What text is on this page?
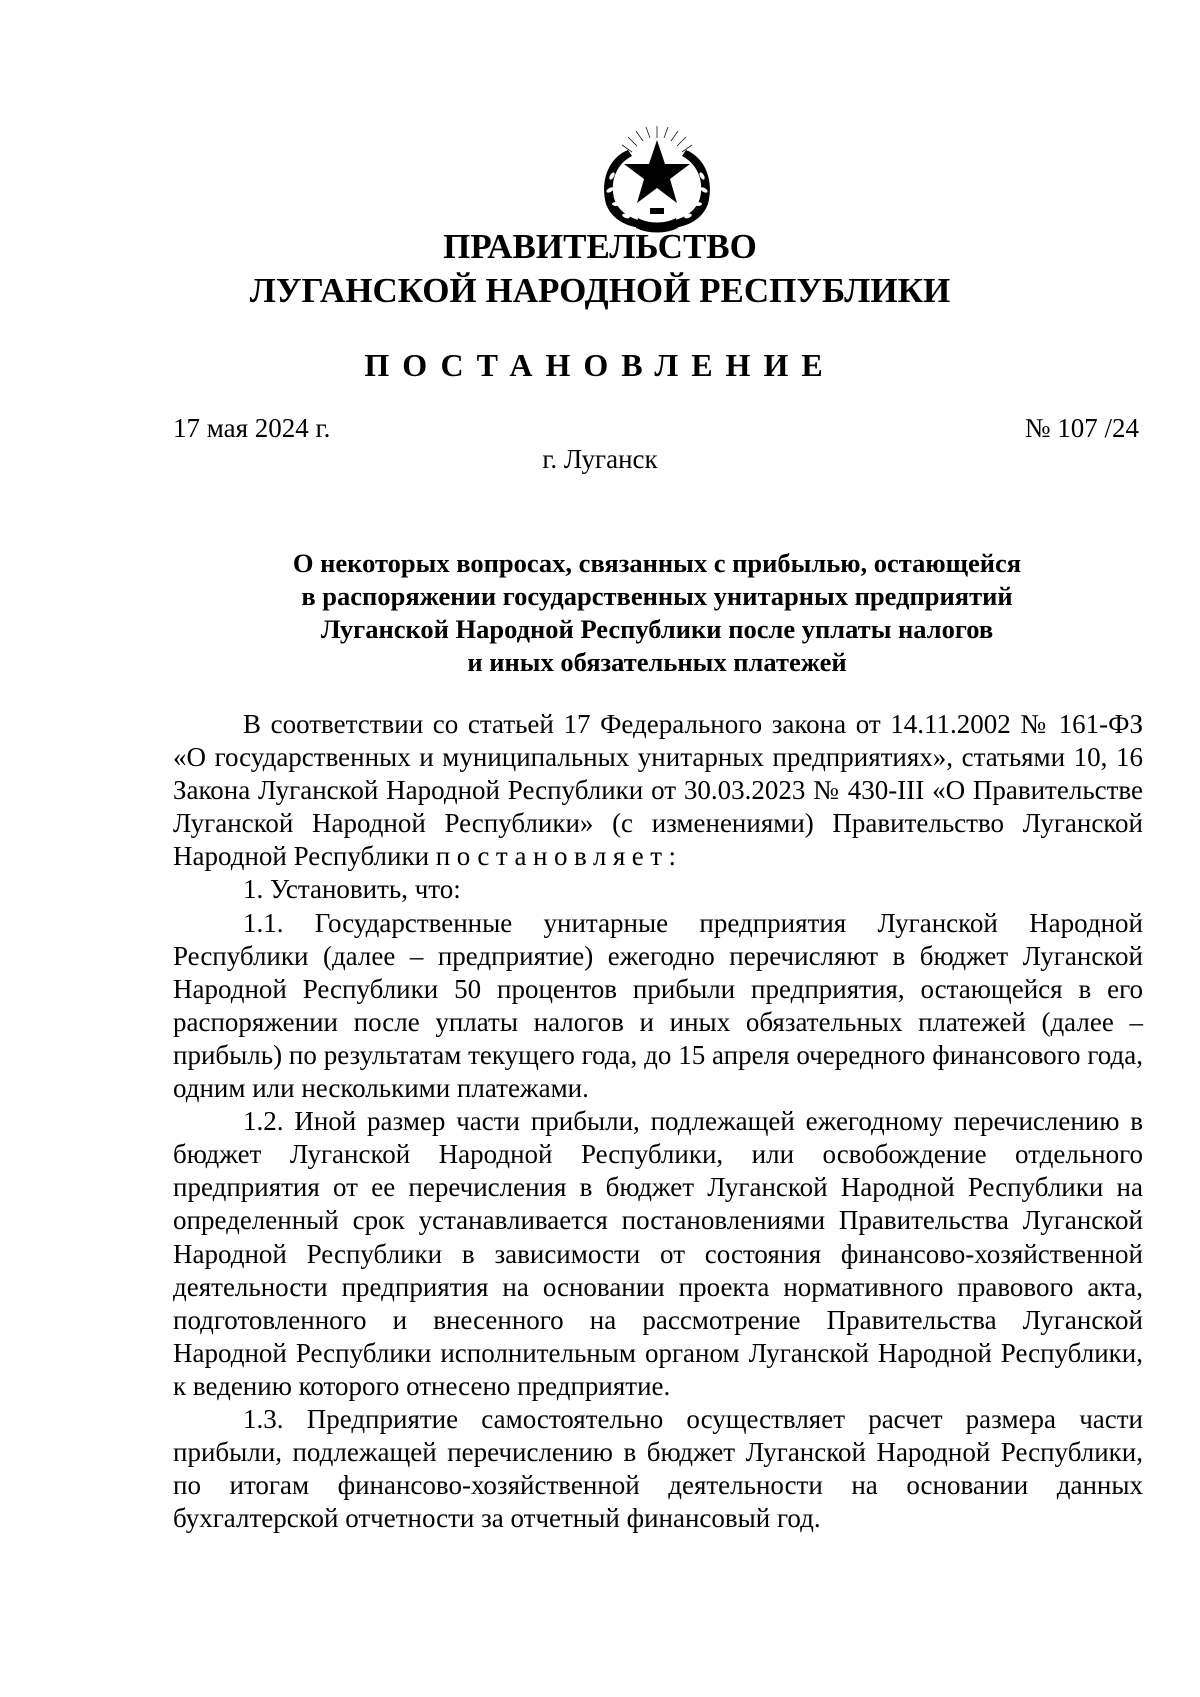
ПРАВИТЕЛЬСТВО
ЛУГАНСКОЙ НАРОДНОЙ РЕСПУБЛИКИ
ПОСТАНОВЛЕНИЕ
17 мая 2024 г.	№ 107 /24
г. Луганск
О некоторых вопросах, связанных с прибылью, остающейся
в распоряжении государственных унитарных предприятий
Луганской Народной Республики после уплаты налогов
и иных обязательных платежей

В соответствии со статьей 17 Федерального закона от 14.11.2002 № 161-ФЗ «О государственных и муниципальных унитарных предприятиях», статьями 10, 16 Закона Луганской Народной Республики от 30.03.2023 № 430-III «О Правительстве Луганской Народной Республики» (с изменениями) Правительство Луганской Народной Республики постановляет:

1. Установить, что:

1.1. Государственные унитарные предприятия Луганской Народной Республики (далее – предприятие) ежегодно перечисляют в бюджет Луганской Народной Республики 50 процентов прибыли предприятия, остающейся в его распоряжении после уплаты налогов и иных обязательных платежей (далее – прибыль) по результатам текущего года, до 15 апреля очередного финансового года, одним или несколькими платежами.

1.2. Иной размер части прибыли, подлежащей ежегодному перечислению в бюджет Луганской Народной Республики, или освобождение отдельного предприятия от ее перечисления в бюджет Луганской Народной Республики на определенный срок устанавливается постановлениями Правительства Луганской Народной Республики в зависимости от состояния финансово-хозяйственной деятельности предприятия на основании проекта нормативного правового акта, подготовленного и внесенного на рассмотрение Правительства Луганской Народной Республики исполнительным органом Луганской Народной Республики, к ведению которого отнесено предприятие.

1.3. Предприятие самостоятельно осуществляет расчет размера части прибыли, подлежащей перечислению в бюджет Луганской Народной Республики, по итогам финансово-хозяйственной деятельности на основании данных бухгалтерской отчетности за отчетный финансовый год.
